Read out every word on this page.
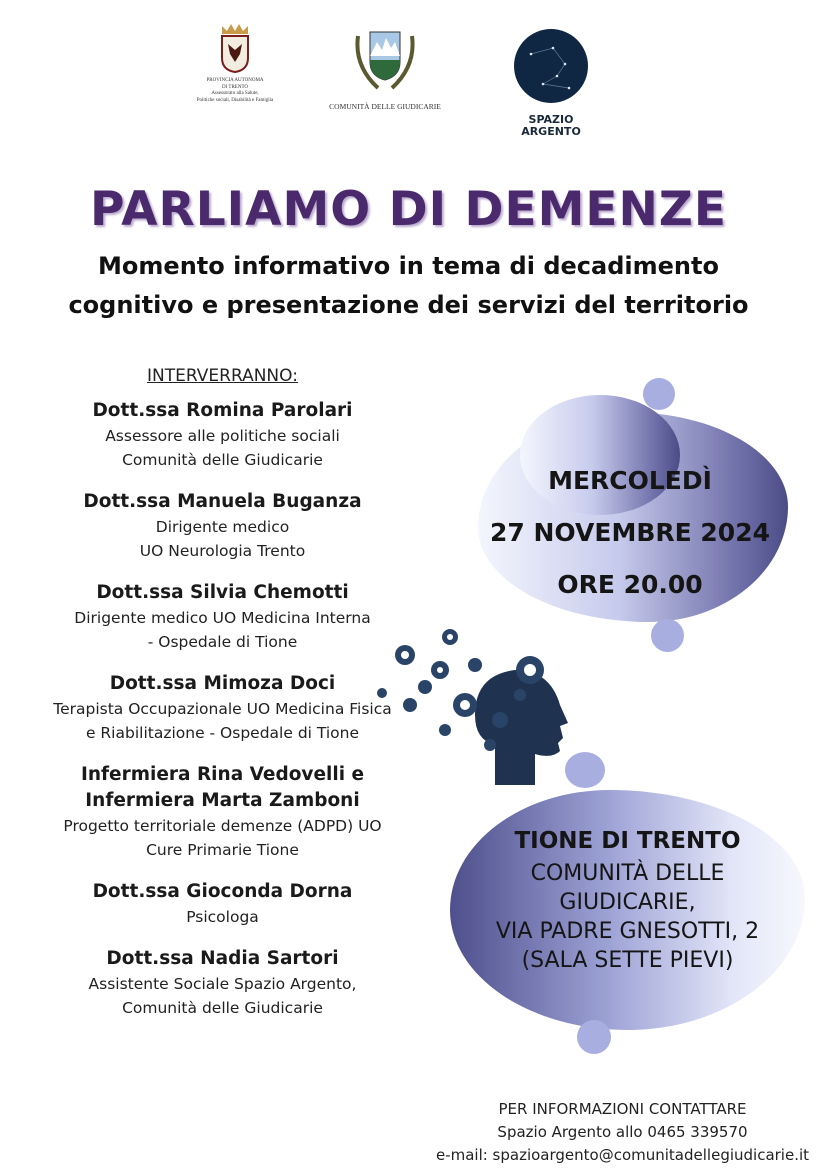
PROVINCIA AUTONOMA
DI TRENTO
Assessorato alla Salute,
Politiche sociali, Disabilità e Famiglia
COMUNITÀ DELLE GIUDICARIE
SPAZIO
ARGENTO
PARLIAMO DI DEMENZE
Momento informativo in tema di decadimento
cognitivo e presentazione dei servizi del territorio
INTERVERRANNO:
Dott.ssa Romina Parolari
Assessore alle politiche sociali
Comunità delle Giudicarie
Dott.ssa Manuela Buganza
Dirigente medico
UO Neurologia Trento
Dott.ssa Silvia Chemotti
Dirigente medico UO Medicina Interna
- Ospedale di Tione
Dott.ssa Mimoza Doci
Terapista Occupazionale UO Medicina Fisica
e Riabilitazione - Ospedale di Tione
Infermiera Rina Vedovelli e
Infermiera Marta Zamboni
Progetto territoriale demenze (ADPD) UO
Cure Primarie Tione
Dott.ssa Gioconda Dorna
Psicologa
Dott.ssa Nadia Sartori
Assistente Sociale Spazio Argento,
Comunità delle Giudicarie
MERCOLEDÌ
27 NOVEMBRE 2024
ORE 20.00
TIONE DI TRENTO
COMUNITÀ DELLE
GIUDICARIE,
VIA PADRE GNESOTTI, 2
(SALA SETTE PIEVI)
PER INFORMAZIONI CONTATTARE
Spazio Argento allo 0465 339570
e-mail: spazioargento@comunitadellegiudicarie.it
